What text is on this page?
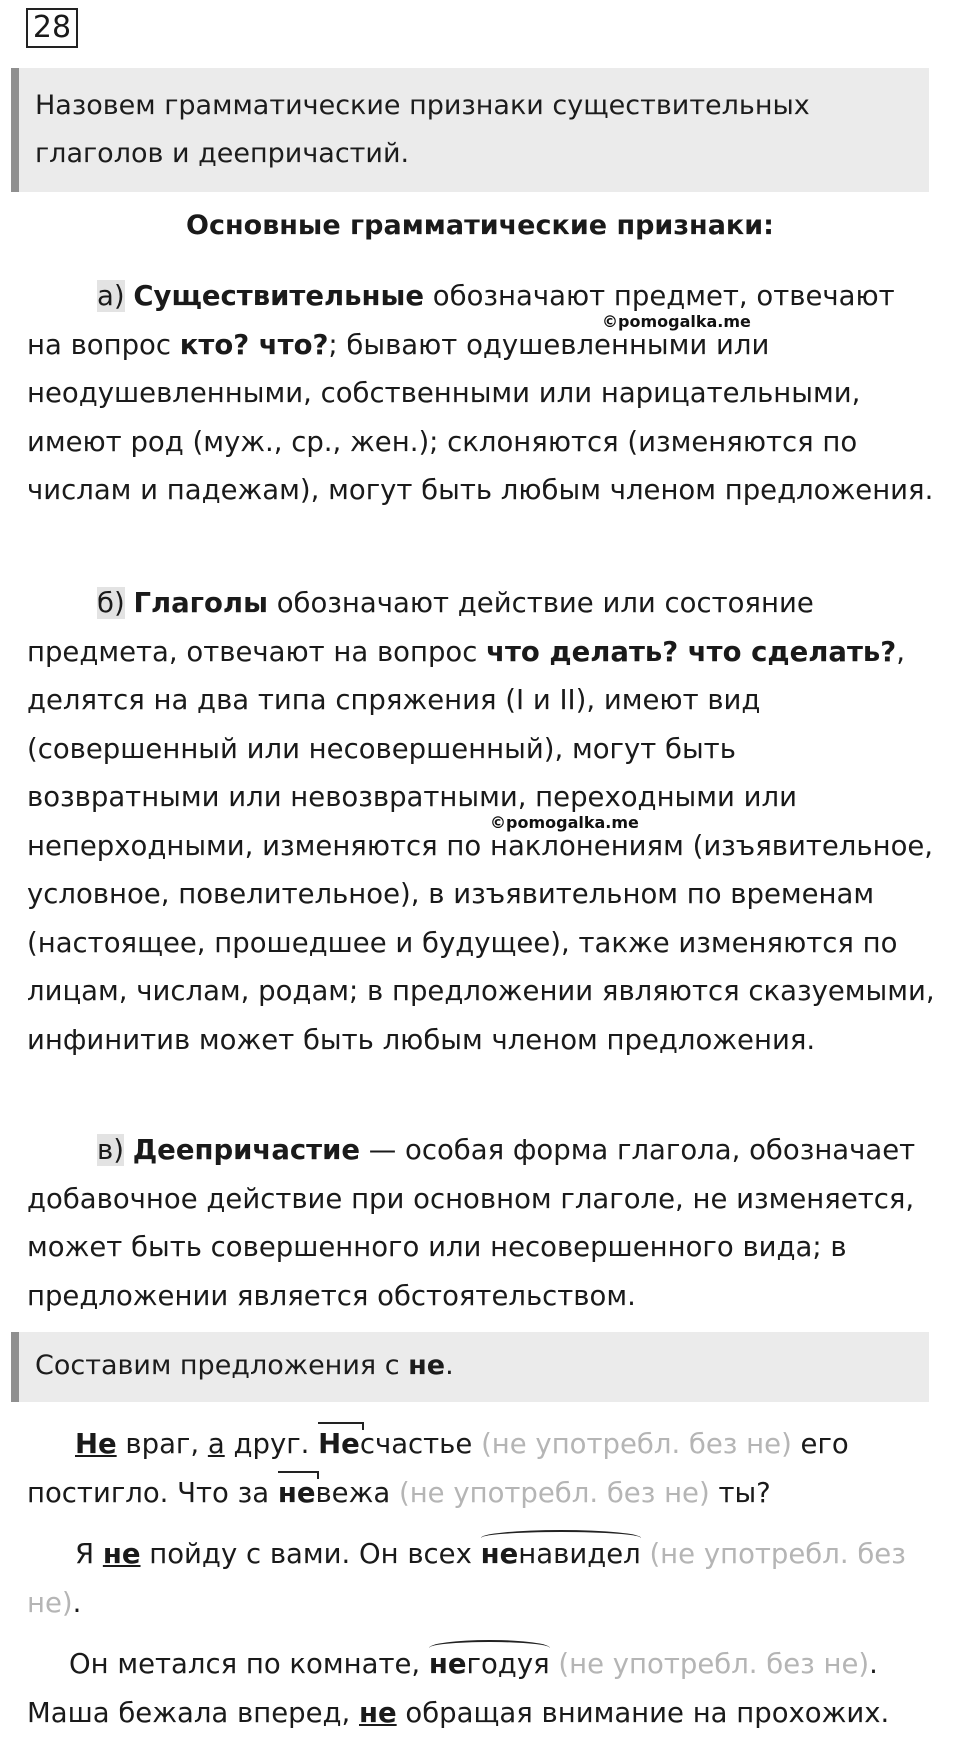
28
Назовем грамматические признаки существительных глаголов и деепричастий.
Основные грамматические признаки:
а) Существительные обозначают предмет, отвечают на вопрос кто? что?; бывают одушевленными или неодушевленными, собственными или нарицательными, имеют род (муж., ср., жен.); склоняются (изменяются по числам и падежам), могут быть любым членом предложения.
©pomogalka.me
б) Глаголы обозначают действие или состояние предмета, отвечают на вопрос что делать? что сделать?, делятся на два типа спряжения (I и II), имеют вид (совершенный или несовершенный), могут быть возвратными или невозвратными, переходными или неперходными, изменяются по наклонениям (изъявительное, условное, повелительное), в изъявительном по временам (настоящее, прошедшее и будущее), также изменяются по лицам, числам, родам; в предложении являются сказуемыми, инфинитив может быть любым членом предложения.
©pomogalka.me
в) Деепричастие — особая форма глагола, обозначает добавочное действие при основном глаголе, не изменяется, может быть совершенного или несовершенного вида; в предложении является обстоятельством.
Составим предложения с не.
Не враг, а друг. Несчастье (не употребл. без не) его постигло. Что за невежа (не употребл. без не) ты?
Я не пойду с вами. Он всех ненавидел (не употребл. без не).
Он метался по комнате, негодуя (не употребл. без не). Маша бежала вперед, не обращая внимание на прохожих.
